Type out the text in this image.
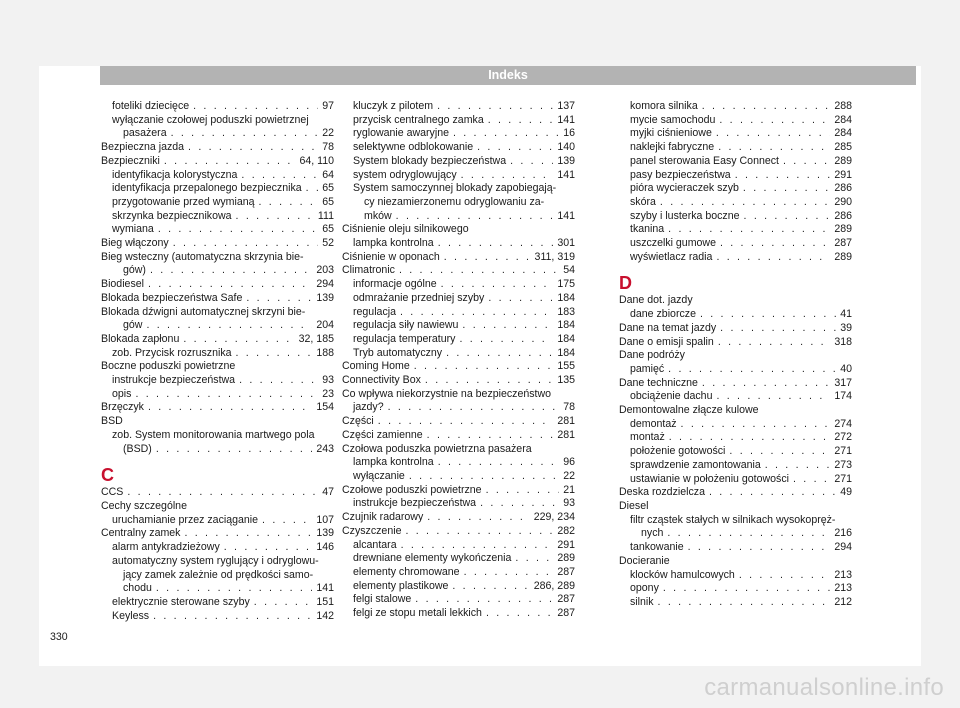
Indeks
foteliki dziecięce . . .	97
wyłączanie czołowej poduszki powietrznej
pasażera . . .	22
Bezpieczna jazda . . .	78
Bezpieczniki . . .	64, 110
identyfikacja kolorystyczna . . .	64
identyfikacja przepalonego bezpiecznika . . . 65
przygotowanie przed wymianą . . .	65
skrzynka bezpiecznikowa . . .	111
wymiana . . .	65
Bieg włączony . . .	52
Bieg wsteczny (automatyczna skrzynia bie-
gów) . . .	203
Biodiesel . . .	294
Blokada bezpieczeństwa Safe . . .	139
Blokada dźwigni automatycznej skrzyni bie-
gów . . .	204
Blokada zapłonu . . .	32, 185
zob. Przycisk rozrusznika . . .	188
Boczne poduszki powietrzne
instrukcje bezpieczeństwa . . .	93
opis . . .	23
Brzęczyk . . .	154
BSD
zob. System monitorowania martwego pola
(BSD) . . .	243
C
CCS . . .	47
Cechy szczególne
uruchamianie przez zaciąganie . . .	107
Centralny zamek . . .	139
alarm antykradzieżowy . . .	146
automatyczny system ryglujący i odryglowu-
jący zamek zależnie od prędkości samo-
chodu . . .	141
elektrycznie sterowane szyby . . .	151
Keyless . . .	142
kluczyk z pilotem . . .	137
przycisk centralnego zamka . . .	141
ryglowanie awaryjne . . .	16
selektywne odblokowanie . . .	140
System blokady bezpieczeństwa . . .	139
system odryglowujący . . .	141
System samoczynnej blokady zapobiegają-
cy niezamierzonemu odryglowaniu za-
mków . . .	141
Ciśnienie oleju silnikowego
lampka kontrolna . . .	301
Ciśnienie w oponach . . .	311, 319
Climatronic . . .	54
informacje ogólne . . .	175
odmrażanie przedniej szyby . . .	184
regulacja . . .	183
regulacja siły nawiewu . . .	184
regulacja temperatury . . .	184
Tryb automatyczny . . .	184
Coming Home . . .	155
Connectivity Box . . .	135
Co wpływa niekorzystnie na bezpieczeństwo
jazdy? . . .	78
Części . . .	281
Części zamienne . . .	281
Czołowa poduszka powietrzna pasażera
lampka kontrolna . . .	96
wyłączanie . . .	22
Czołowe poduszki powietrzne . . .	21
instrukcje bezpieczeństwa . . .	93
Czujnik radarowy . . .	229, 234
Czyszczenie . . .	282
alcantara . . .	291
drewniane elementy wykończenia . . .	289
elementy chromowane . . .	287
elementy plastikowe . . .	286, 289
felgi stalowe . . .	287
felgi ze stopu metali lekkich . . .	287
komora silnika . . .	288
mycie samochodu . . .	284
myjki ciśnieniowe . . .	284
naklejki fabryczne . . .	285
panel sterowania Easy Connect . . .	289
pasy bezpieczeństwa . . .	291
pióra wycieraczek szyb . . .	286
skóra . . .	290
szyby i lusterka boczne . . .	286
tkanina . . .	289
uszczelki gumowe . . .	287
wyświetlacz radia . . .	289
D
Dane dot. jazdy
dane zbiorcze . . .	41
Dane na temat jazdy . . .	39
Dane o emisji spalin . . .	318
Dane podróży
pamięć . . .	40
Dane techniczne . . .	317
obciążenie dachu . . .	174
Demontowalne złącze kulowe
demontaż . . .	274
montaż . . .	272
położenie gotowości . . .	271
sprawdzenie zamontowania . . .	273
ustawianie w położeniu gotowości . . .	271
Deska rozdzielcza . . .	49
Diesel
filtr cząstek stałych w silnikach wysokopręż-
nych . . .	216
tankowanie . . .	294
Docieranie
klocków hamulcowych . . .	213
opony . . .	213
silnik . . .	212
330
carmanualsonline.info
